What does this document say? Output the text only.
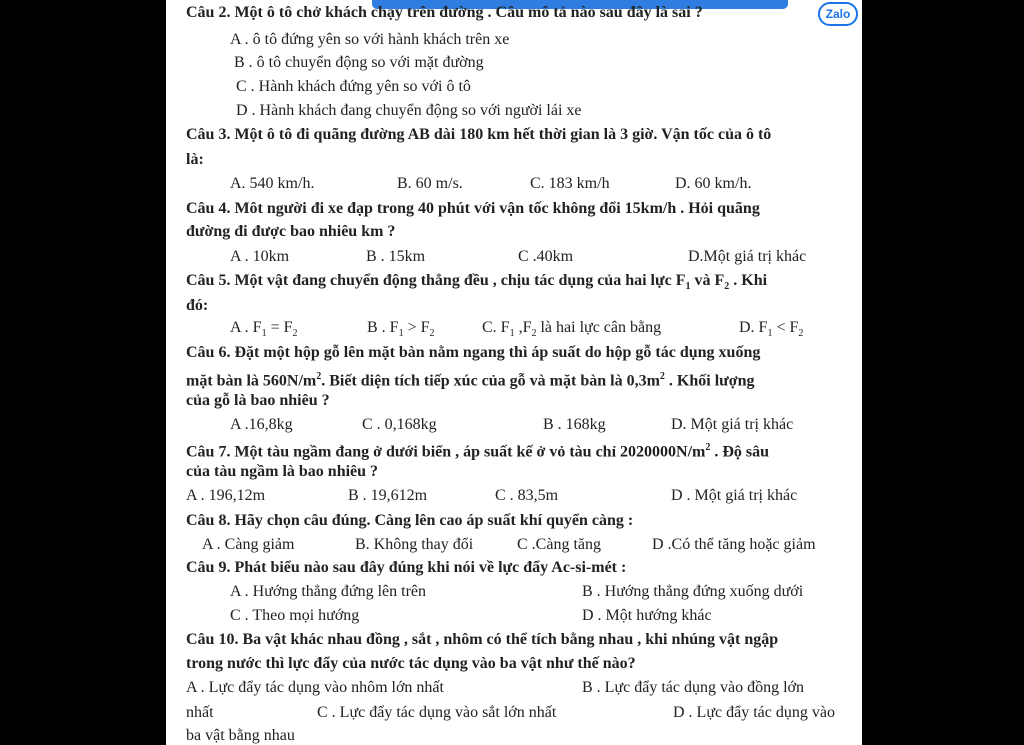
Zalo
Câu 2. Một ô tô chở khách chạy trên đường . Câu mô tả nào sau đây là sai ?
A . ô tô đứng yên so với hành khách trên xe
B . ô tô chuyển động so với mặt đường
C . Hành khách đứng yên so với ô tô
D . Hành khách đang chuyển động so với người lái xe
Câu 3. Một ô tô đi quãng đường AB dài 180 km hết thời gian là 3 giờ. Vận tốc của ô tô
là:
A. 540 km/h.	B. 60 m/s.	C. 183 km/h	D. 60 km/h.
Câu 4. Môt người đi xe đạp trong 40 phút với vận tốc không đổi 15km/h . Hỏi quãng
đường đi được bao nhiêu km ?
A . 10km	B . 15km	C .40km	D.Một giá trị khác
Câu 5. Một vật đang chuyển động thẳng đều , chịu tác dụng của hai lực $F_1$ và $F_2$ . Khi
đó:
A . $F_1 = F_2$	B . $F_1 > F_2$	C. $F_1$ $,F_2$ là hai lực cân bằng	D. $F_1 < F_2$
Câu 6. Đặt một hộp gỗ lên mặt bàn nằm ngang thì áp suất do hộp gỗ tác dụng xuống
mặt bàn là $560N/m^2$. Biết diện tích tiếp xúc của gỗ và mặt bàn là $0,3m^2$ . Khối lượng
của gỗ là bao nhiêu ?
A .16,8kg	C . 0,168kg	B . 168kg	D. Một giá trị khác
Câu 7. Một tàu ngầm đang ở dưới biển , áp suất kế ở vỏ tàu chỉ $2020000N/m^2$ . Độ sâu
của tàu ngầm là bao nhiêu ?
A . 196,12m	B . 19,612m	C . 83,5m	D . Một giá trị khác
Câu 8. Hãy chọn câu đúng. Càng lên cao áp suất khí quyển càng :
A . Càng giảm	B. Không thay đổi	C .Càng tăng	D .Có thể tăng hoặc giảm
Câu 9. Phát biểu nào sau đây đúng khi nói về lực đẩy Ac-si-mét :
A . Hướng thẳng đứng lên trên	B . Hướng thẳng đứng xuống dưới
C . Theo mọi hướng	D . Một hướng khác
Câu 10. Ba vật khác nhau đồng , sắt , nhôm có thể tích bằng nhau , khi nhúng vật ngập
trong nước thì lực đẩy của nước tác dụng vào ba vật như thế nào?
A . Lực đẩy tác dụng vào nhôm lớn nhất	B . Lực đẩy tác dụng vào đồng lớn
nhất	C . Lực đẩy tác dụng vào sắt lớn nhất	D . Lực đẩy tác dụng vào
ba vật bằng nhau
